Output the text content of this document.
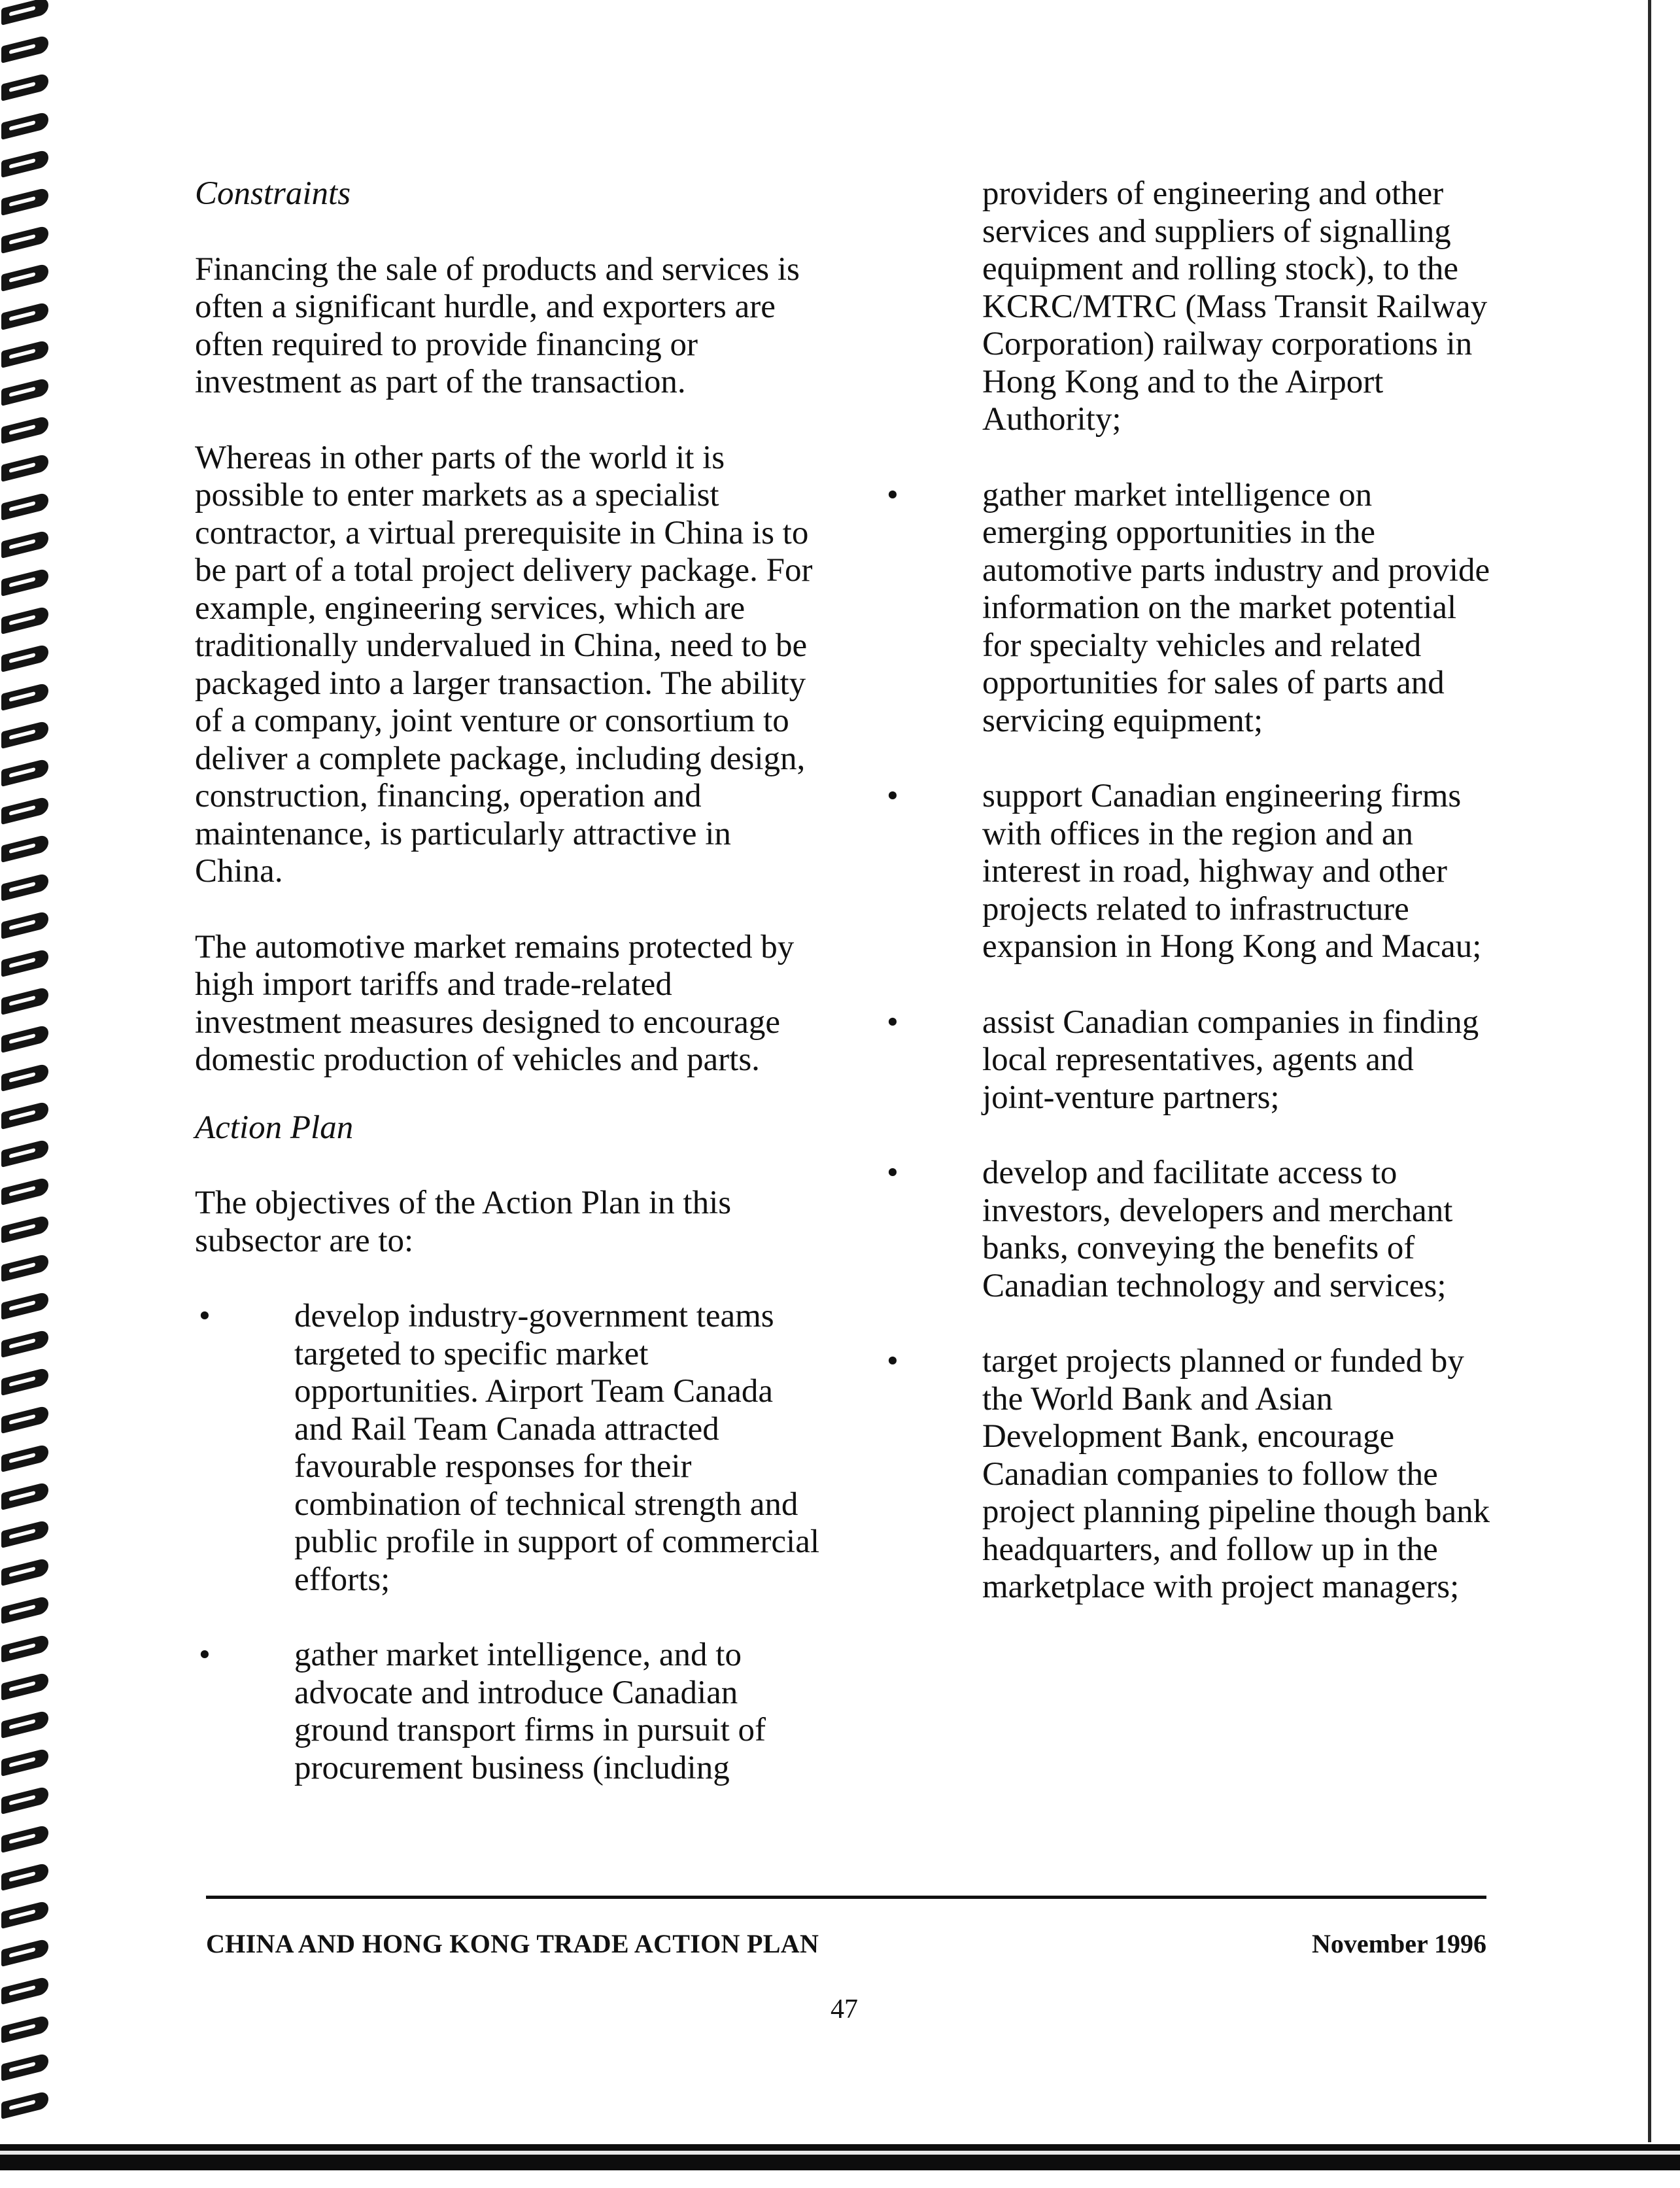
Constraints

Financing the sale of products and services is often a significant hurdle, and exporters are often required to provide financing or investment as part of the transaction.

Whereas in other parts of the world it is possible to enter markets as a specialist contractor, a virtual prerequisite in China is to be part of a total project delivery package. For example, engineering services, which are traditionally undervalued in China, need to be packaged into a larger transaction. The ability of a company, joint venture or consortium to deliver a complete package, including design, construction, financing, operation and maintenance, is particularly attractive in China.

The automotive market remains protected by high import tariffs and trade-related investment measures designed to encourage domestic production of vehicles and parts.

Action Plan

The objectives of the Action Plan in this subsector are to:

•	develop industry-government teams targeted to specific market opportunities. Airport Team Canada and Rail Team Canada attracted favourable responses for their combination of technical strength and public profile in support of commercial efforts;
•	gather market intelligence, and to advocate and introduce Canadian ground transport firms in pursuit of procurement business (including

providers of engineering and other services and suppliers of signalling equipment and rolling stock), to the KCRC/MTRC (Mass Transit Railway Corporation) railway corporations in Hong Kong and to the Airport Authority;

•	gather market intelligence on emerging opportunities in the automotive parts industry and provide information on the market potential for specialty vehicles and related opportunities for sales of parts and servicing equipment;
•	support Canadian engineering firms with offices in the region and an interest in road, highway and other projects related to infrastructure expansion in Hong Kong and Macau;
•	assist Canadian companies in finding local representatives, agents and joint-venture partners;
•	develop and facilitate access to investors, developers and merchant banks, conveying the benefits of Canadian technology and services;
•	target projects planned or funded by the World Bank and Asian Development Bank, encourage Canadian companies to follow the project planning pipeline though bank headquarters, and follow up in the marketplace with project managers;
CHINA AND HONG KONG TRADE ACTION PLAN	November 1996
47
